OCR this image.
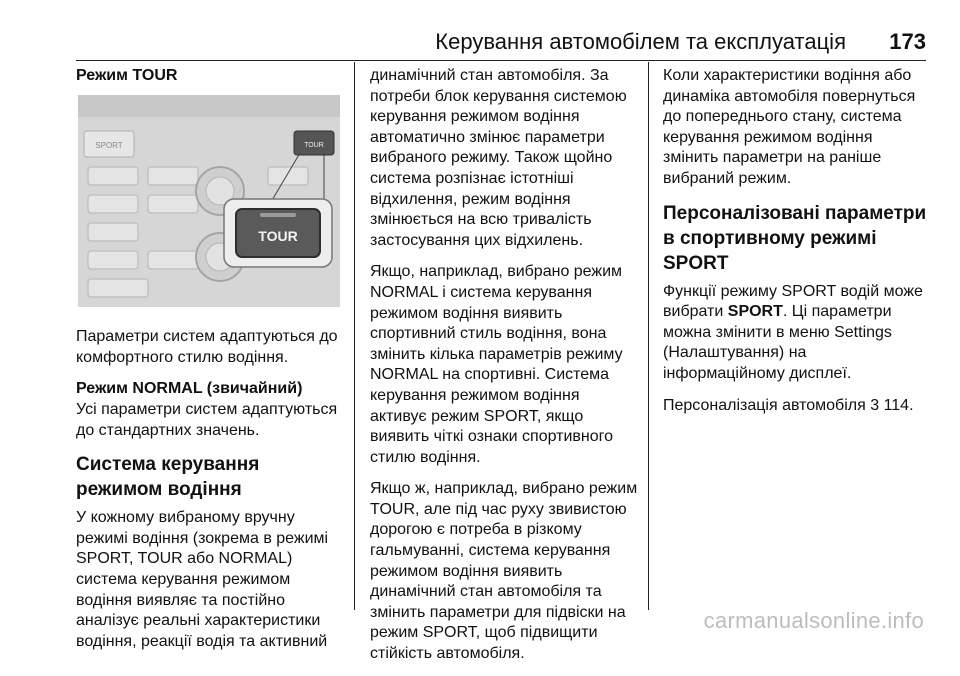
Керування автомобілем та експлуатація 173
Режим TOUR
SPORT	TOUR
TOUR

Параметри систем адаптуються до комфортного стилю водіння.

Режим NORMAL (звичайний)

Усі параметри систем адаптуються до стандартних значень.

Система керування режимом водіння

У кожному вибраному вручну режимі водіння (зокрема в режимі SPORT, TOUR або NORMAL) система керування режимом водіння виявляє та постійно аналізує реальні характеристики водіння, реакції водія та активний

динамічний стан автомобіля. За потреби блок керування системою керування режимом водіння автоматично змінює параметри вибраного режиму. Також щойно система розпізнає істотніші відхилення, режим водіння змінюється на всю тривалість застосування цих відхилень.

Якщо, наприклад, вибрано режим NORMAL і система керування режимом водіння виявить спортивний стиль водіння, вона змінить кілька параметрів режиму NORMAL на спортивні. Система керування режимом водіння активує режим SPORT, якщо виявить чіткі ознаки спортивного стилю водіння.

Якщо ж, наприклад, вибрано режим TOUR, але під час руху звивистою дорогою є потреба в різкому гальмуванні, система керування режимом водіння виявить динамічний стан автомобіля та змінить параметри для підвіски на режим SPORT, щоб підвищити стійкість автомобіля.

Коли характеристики водіння або динаміка автомобіля повернуться до попереднього стану, система керування режимом водіння змінить параметри на раніше вибраний режим.

Персоналізовані параметри в спортивному режимі SPORT

Функції режиму SPORT водій може вибрати SPORT. Ці параметри можна змінити в меню Settings (Налаштування) на інформаційному дисплеї.

Персоналізація автомобіля 3 114.

carmanualsonline.info
